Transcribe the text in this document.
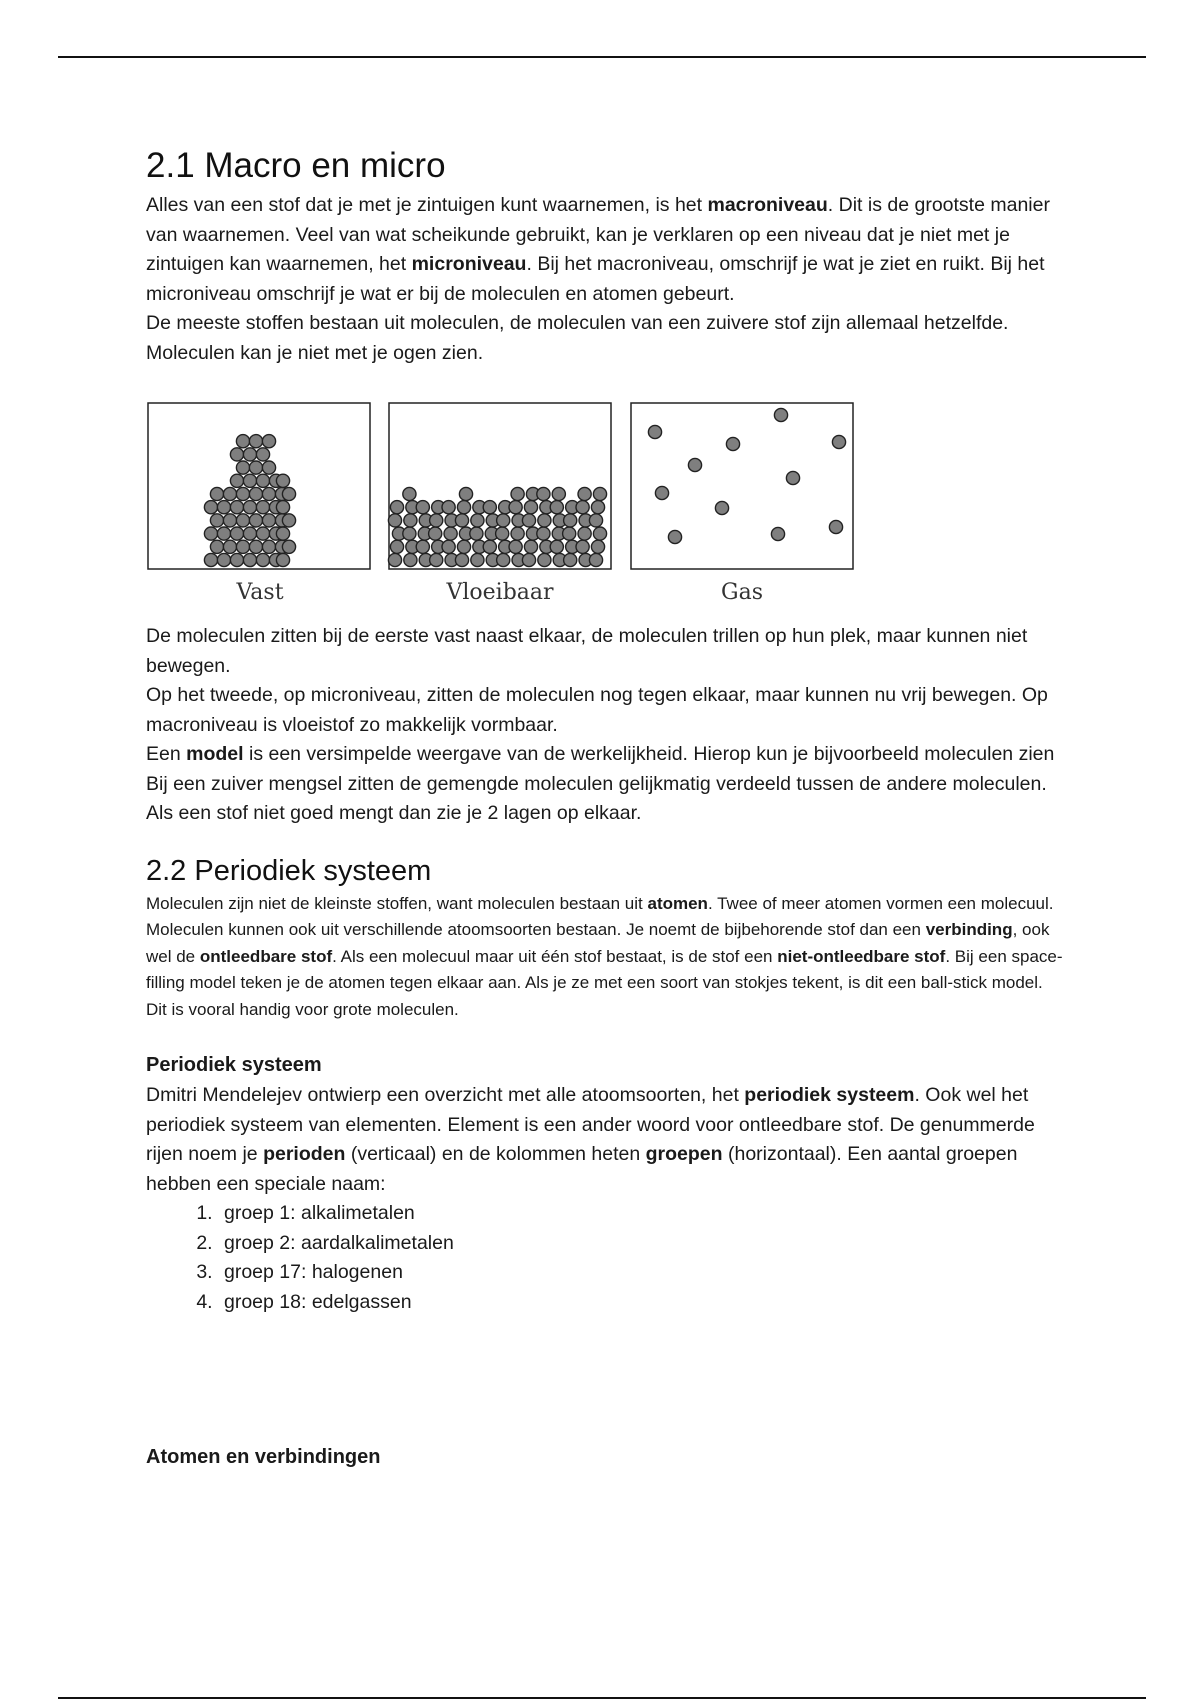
2.1 Macro en micro

Alles van een stof dat je met je zintuigen kunt waarnemen, is het macroniveau. Dit is de grootste manier van waarnemen. Veel van wat scheikunde gebruikt, kan je verklaren op een niveau dat je niet met je zintuigen kan waarnemen, het microniveau. Bij het macroniveau, omschrijf je wat je ziet en ruikt. Bij het microniveau omschrijf je wat er bij de moleculen en atomen gebeurt.

De meeste stoffen bestaan uit moleculen, de moleculen van een zuivere stof zijn allemaal hetzelfde. Moleculen kan je niet met je ogen zien.

Vast	Vloeibaar	Gas

De moleculen zitten bij de eerste vast naast elkaar, de moleculen trillen op hun plek, maar kunnen niet bewegen.

Op het tweede, op microniveau, zitten de moleculen nog tegen elkaar, maar kunnen nu vrij bewegen. Op macroniveau is vloeistof zo makkelijk vormbaar.

Een model is een versimpelde weergave van de werkelijkheid. Hierop kun je bijvoorbeeld moleculen zien

Bij een zuiver mengsel zitten de gemengde moleculen gelijkmatig verdeeld tussen de andere moleculen. Als een stof niet goed mengt dan zie je 2 lagen op elkaar.

2.2 Periodiek systeem

Moleculen zijn niet de kleinste stoffen, want moleculen bestaan uit atomen. Twee of meer atomen vormen een molecuul. Moleculen kunnen ook uit verschillende atoomsoorten bestaan. Je noemt de bijbehorende stof dan een verbinding, ook wel de ontleedbare stof. Als een molecuul maar uit één stof bestaat, is de stof een niet-ontleedbare stof. Bij een space-filling model teken je de atomen tegen elkaar aan. Als je ze met een soort van stokjes tekent, is dit een ball-stick model. Dit is vooral handig voor grote moleculen.

Periodiek systeem

Dmitri Mendelejev ontwierp een overzicht met alle atoomsoorten, het periodiek systeem. Ook wel het periodiek systeem van elementen. Element is een ander woord voor ontleedbare stof. De genummerde rijen noem je perioden (verticaal) en de kolommen heten groepen (horizontaal). Een aantal groepen hebben een speciale naam:

1. groep 1: alkalimetalen
2. groep 2: aardalkalimetalen
3. groep 17: halogenen
4. groep 18: edelgassen
Atomen en verbindingen
